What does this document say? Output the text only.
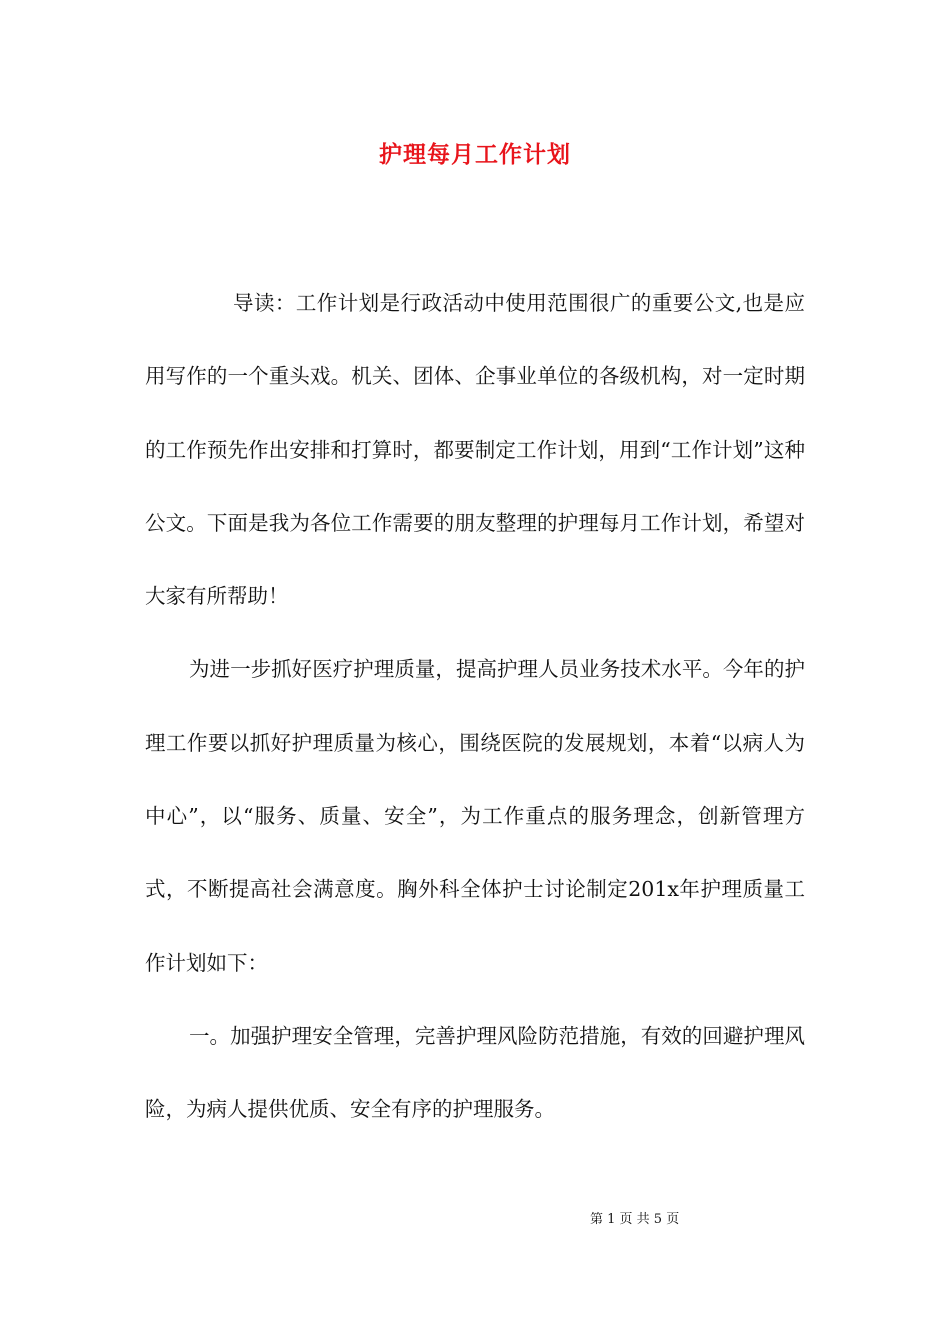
护理每月工作计划

导读：工作计划是行政活动中使用范围很广的重要公文,也是应用写作的一个重头戏。机关、团体、企事业单位的各级机构，对一定时期的工作预先作出安排和打算时，都要制定工作计划，用到“工作计划”这种公文。下面是我为各位工作需要的朋友整理的护理每月工作计划，希望对大家有所帮助！

为进一步抓好医疗护理质量，提高护理人员业务技术水平。今年的护理工作要以抓好护理质量为核心，围绕医院的发展规划，本着“以病人为中心”，以“服务、质量、安全”，为工作重点的服务理念，创新管理方式，不断提高社会满意度。胸外科全体护士讨论制定201x年护理质量工作计划如下：

一。加强护理安全管理，完善护理风险防范措施，有效的回避护理风险，为病人提供优质、安全有序的护理服务。

第 1 页 共 5 页
